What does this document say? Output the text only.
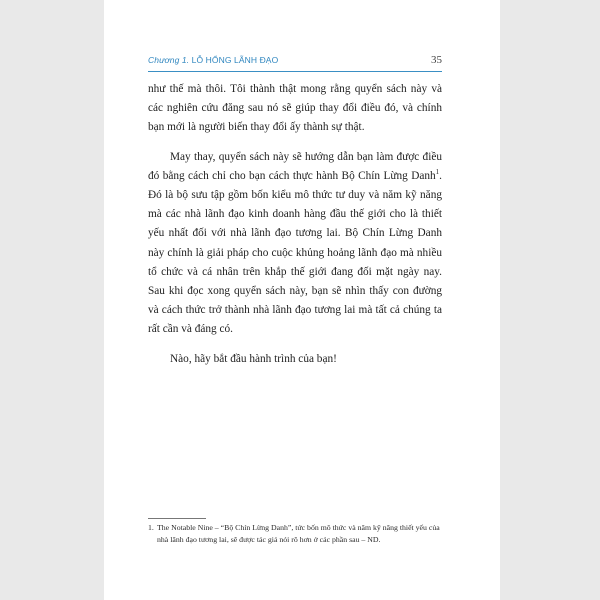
Chương 1. LỖ HỔNG LÃNH ĐẠO	35

như thế mà thôi. Tôi thành thật mong rằng quyển sách này và các nghiên cứu đăng sau nó sẽ giúp thay đổi điều đó, và chính bạn mới là người biến thay đổi ấy thành sự thật.

May thay, quyển sách này sẽ hướng dẫn bạn làm được điều đó bằng cách chỉ cho bạn cách thực hành Bộ Chín Lừng Danh$^1$. Đó là bộ sưu tập gồm bốn kiểu mô thức tư duy và năm kỹ năng mà các nhà lãnh đạo kinh doanh hàng đầu thế giới cho là thiết yếu nhất đối với nhà lãnh đạo tương lai. Bộ Chín Lừng Danh này chính là giải pháp cho cuộc khủng hoảng lãnh đạo mà nhiều tổ chức và cá nhân trên khắp thế giới đang đối mặt ngày nay. Sau khi đọc xong quyển sách này, bạn sẽ nhìn thấy con đường và cách thức trở thành nhà lãnh đạo tương lai mà tất cả chúng ta rất cần và đáng có.

Nào, hãy bắt đầu hành trình của bạn!

1. The Notable Nine – “Bộ Chín Lừng Danh”, tức bốn mô thức và năm kỹ năng thiết yếu của nhà lãnh đạo tương lai, sẽ được tác giả nói rõ hơn ở các phần sau – ND.
